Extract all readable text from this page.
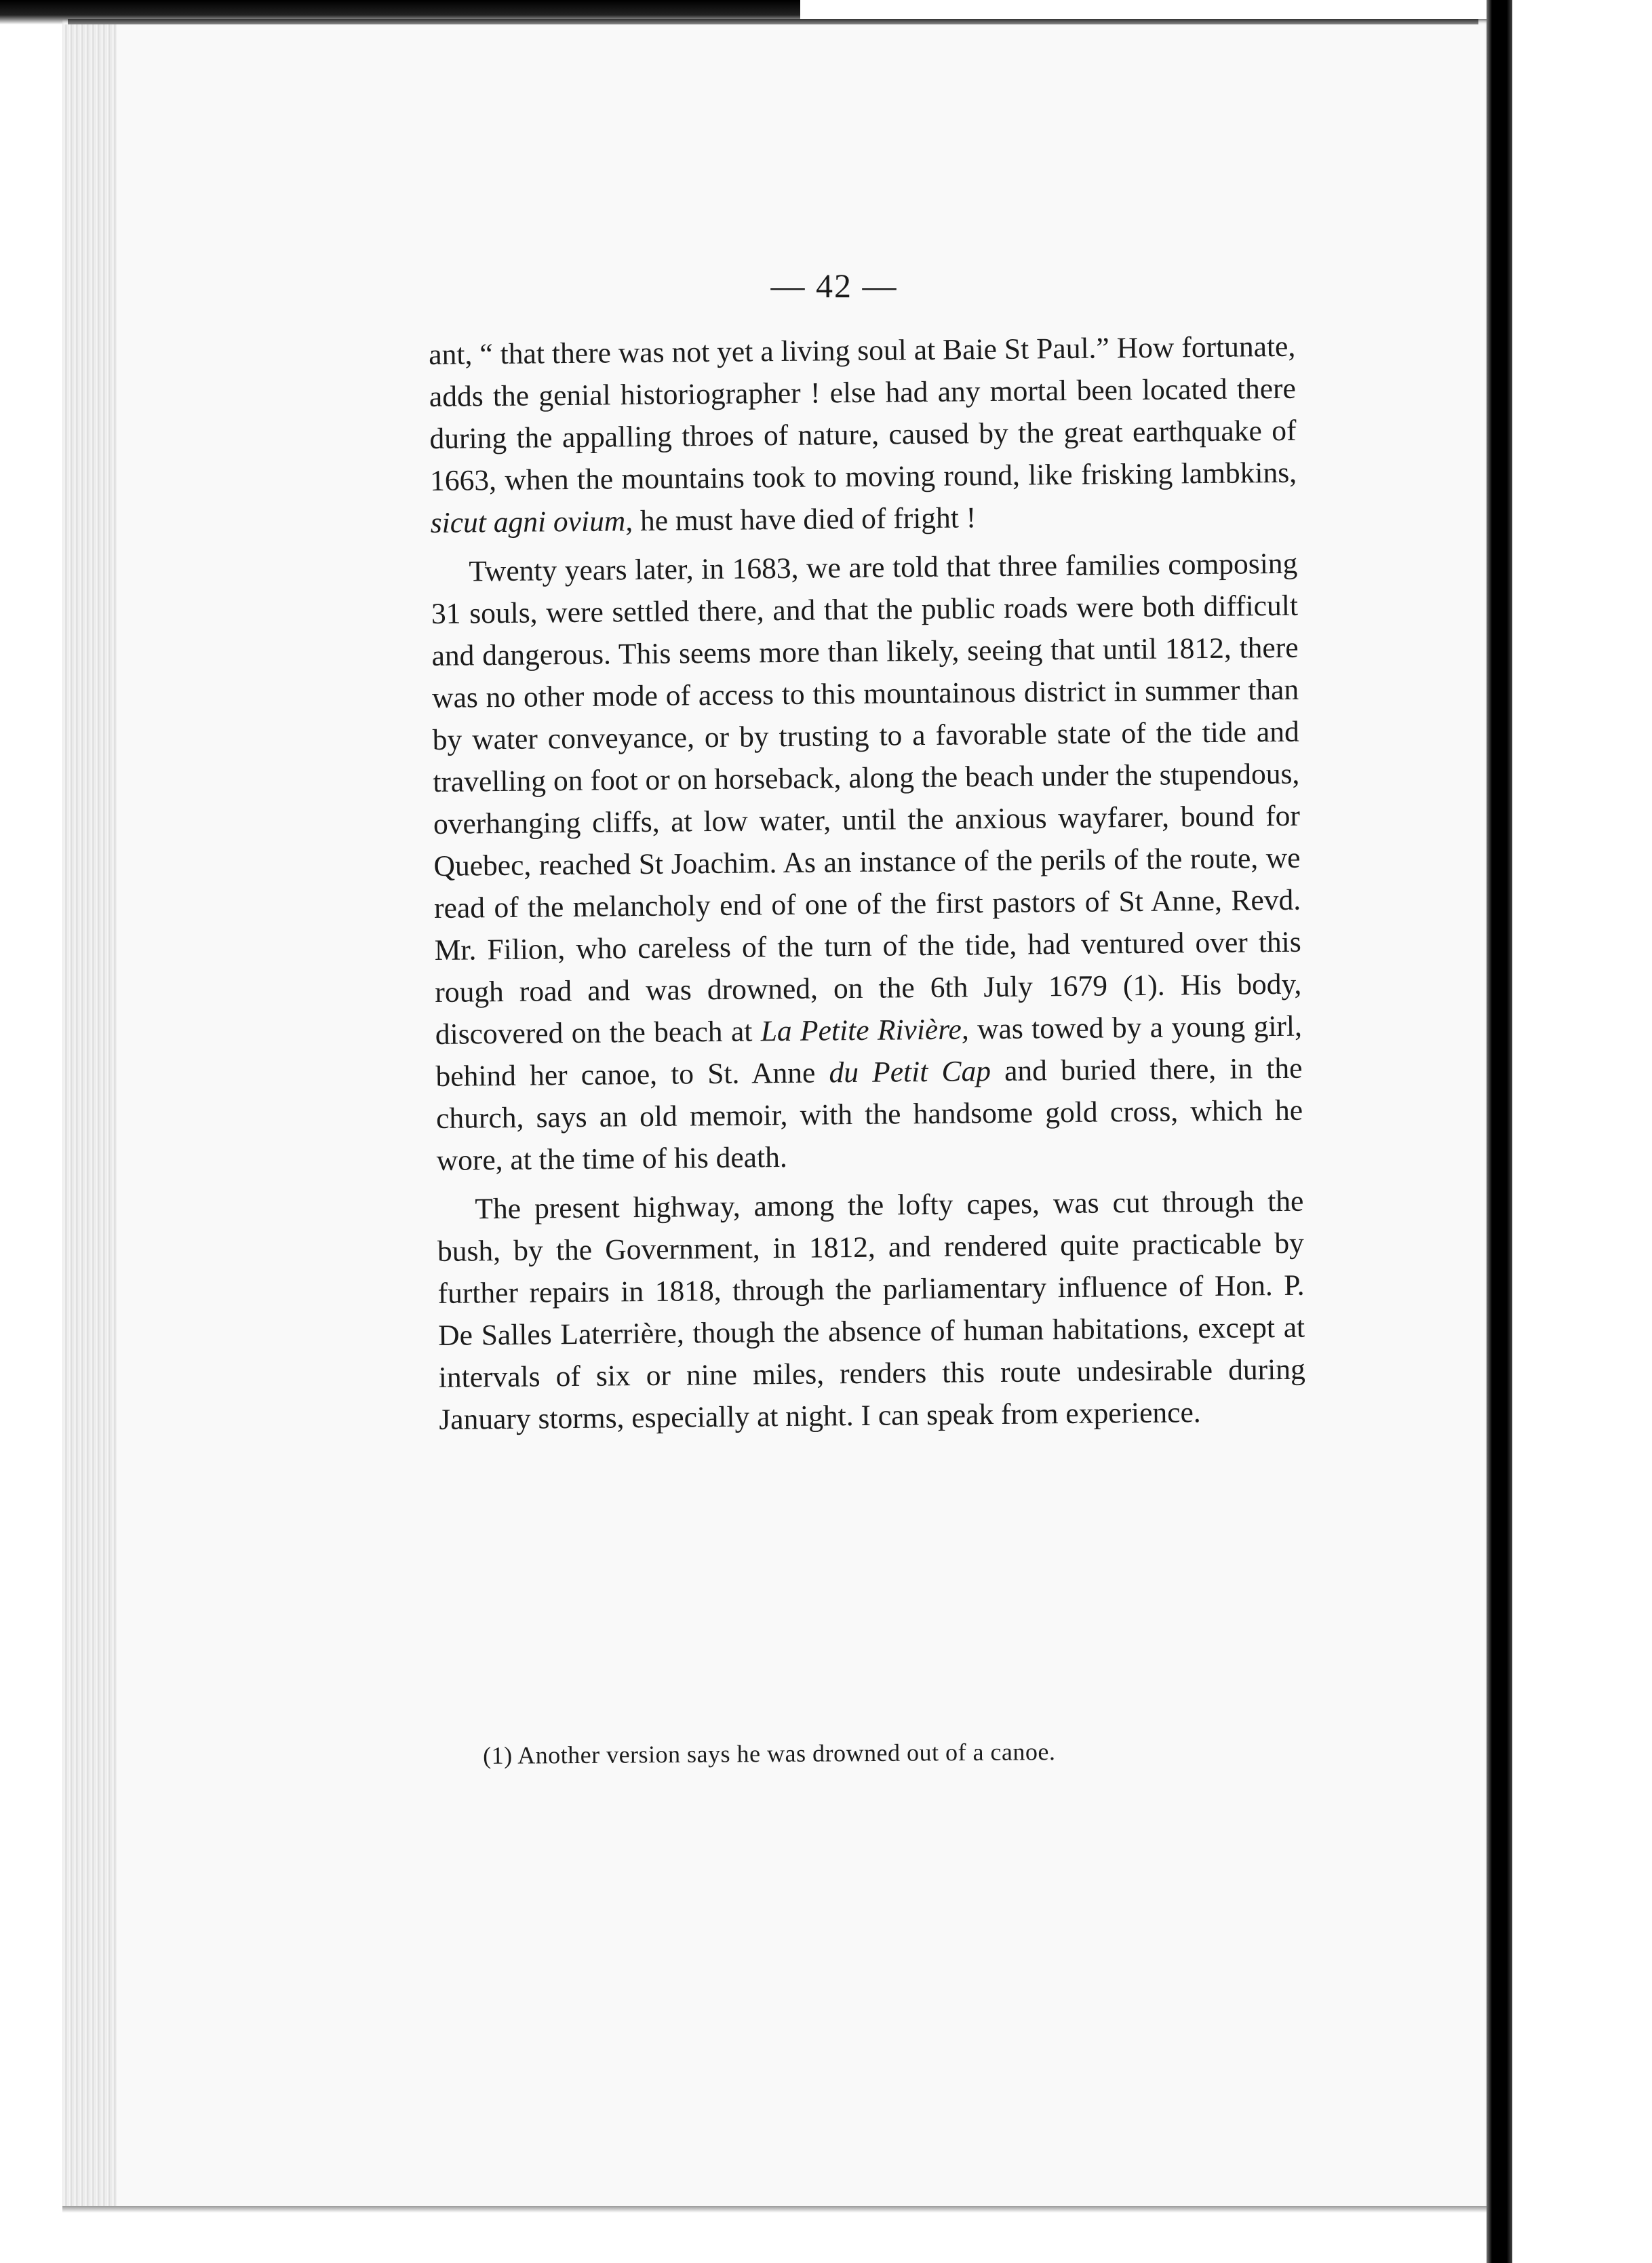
— 42 —

ant, “ that there was not yet a living soul at Baie St Paul.” How fortunate, adds the genial historiographer ! else had any mortal been located there during the appalling throes of nature, caused by the great earthquake of 1663, when the mountains took to moving round, like frisking lambkins, sicut agni ovium, he must have died of fright !

Twenty years later, in 1683, we are told that three families composing 31 souls, were settled there, and that the public roads were both difficult and dangerous. This seems more than likely, seeing that until 1812, there was no other mode of access to this mountainous district in summer than by water conveyance, or by trusting to a favorable state of the tide and travelling on foot or on horseback, along the beach under the stupendous, overhanging cliffs, at low water, until the anxious wayfarer, bound for Quebec, reached St Joachim. As an instance of the perils of the route, we read of the melancholy end of one of the first pastors of St Anne, Revd. Mr. Filion, who careless of the turn of the tide, had ventured over this rough road and was drowned, on the 6th July 1679 (1). His body, discovered on the beach at La Petite Rivière, was towed by a young girl, behind her canoe, to St. Anne du Petit Cap and buried there, in the church, says an old memoir, with the handsome gold cross, which he wore, at the time of his death.

The present highway, among the lofty capes, was cut through the bush, by the Government, in 1812, and rendered quite practicable by further repairs in 1818, through the parliamentary influence of Hon. P. De Salles Laterrière, though the absence of human habitations, except at intervals of six or nine miles, renders this route undesirable during January storms, especially at night. I can speak from experience.

(1) Another version says he was drowned out of a canoe.
